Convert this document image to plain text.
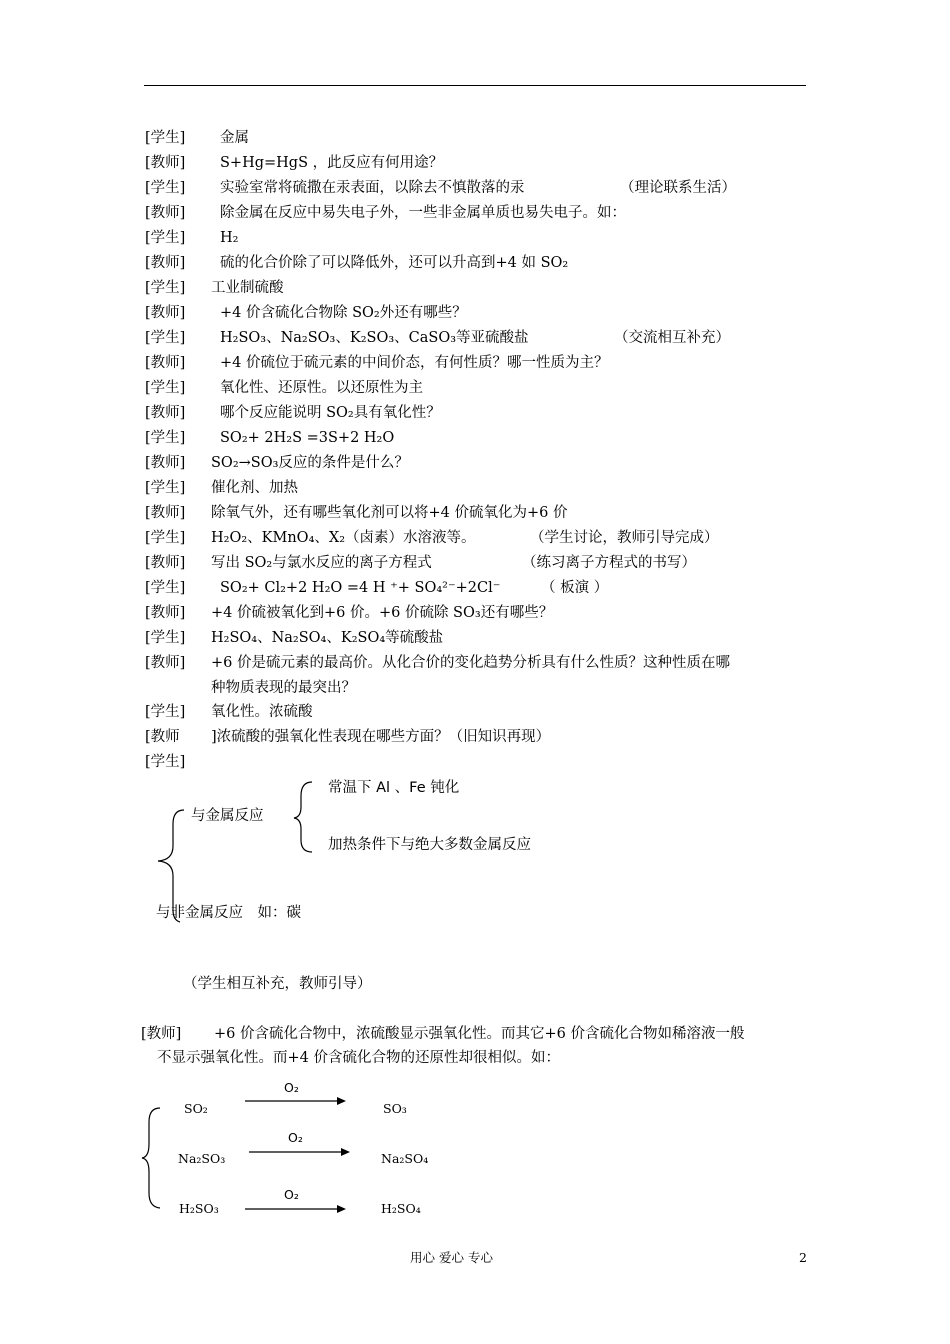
[学生] 金属
[教师] S+Hg=HgS ，此反应有何用途？
[学生] 实验室常将硫撒在汞表面，以除去不慎散落的汞	（理论联系生活）
[教师] 除金属在反应中易失电子外，一些非金属单质也易失电子。如：
[学生] H₂
[教师] 硫的化合价除了可以降低外，还可以升高到+4 如 SO₂
[学生] 工业制硫酸
[教师] +4 价含硫化合物除 SO₂外还有哪些？
[学生] H₂SO₃、Na₂SO₃、K₂SO₃、CaSO₃等亚硫酸盐	（交流相互补充）
[教师] +4 价硫位于硫元素的中间价态，有何性质？哪一性质为主？
[学生] 氧化性、还原性。以还原性为主
[教师] 哪个反应能说明 SO₂具有氧化性？
[学生] SO₂+ 2H₂S =3S+2 H₂O
[教师] SO₂→SO₃反应的条件是什么？
[学生] 催化剂、加热
[教师] 除氧气外，还有哪些氧化剂可以将+4 价硫氧化为+6 价
[学生] H₂O₂、KMnO₄、X₂（卤素）水溶液等。	（学生讨论，教师引导完成）
[教师] 写出 SO₂与氯水反应的离子方程式	（练习离子方程式的书写）
[学生] SO₂+ Cl₂+2 H₂O =4 H ⁺+ SO₄²⁻+2Cl⁻	（ 板演 ）
[教师] +4 价硫被氧化到+6 价。+6 价硫除 SO₃还有哪些？
[学生] H₂SO₄、Na₂SO₄、K₂SO₄等硫酸盐
[教师] +6 价是硫元素的最高价。从化合价的变化趋势分析具有什么性质？这种性质在哪
种物质表现的最突出？
[学生] 氧化性。浓硫酸
[教师 ]浓硫酸的强氧化性表现在哪些方面？（旧知识再现）
[学生]
与金属反应
常温下 Al 、Fe 钝化
加热条件下与绝大多数金属反应
与非金属反应　如：碳
（学生相互补充，教师引导）
[教师] +6 价含硫化合物中，浓硫酸显示强氧化性。而其它+6 价含硫化合物如稀溶液一般
不显示强氧化性。而+4 价含硫化合物的还原性却很相似。如：
SO₂
O₂
SO₃
Na₂SO₃
O₂
Na₂SO₄
H₂SO₃
O₂
H₂SO₄
用心 爱心 专心	2
